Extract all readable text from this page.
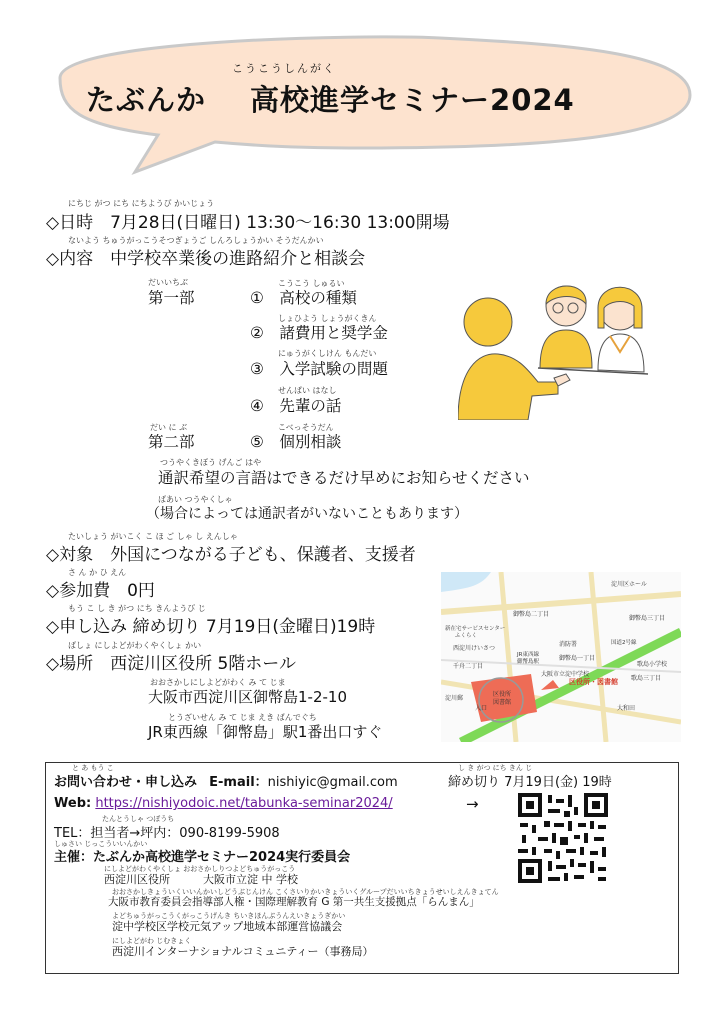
こうこうしんがく
たぶんか 高校進学セミナー2024
にちじ がつ にち にちようび かいじょう
◇日時　7月28日(日曜日) 13:30～16:30 13:00開場
ないよう ちゅうがっこうそつぎょうご しんろしょうかい そうだんかい
◇内容　中学校卒業後の進路紹介と相談会
だいいちぶ
第一部
こうこう しゅるい
①　 高校の種類
しょひよう しょうがくきん
②　 諸費用と奨学金
にゅうがくしけん もんだい
③　 入学試験の問題
せんぱい はなし
④　 先輩の話
だい に ぶ
第二部
こべっそうだん
⑤　 個別相談
つうやくきぼう げんご はや
通訳希望の言語はできるだけ早めにお知らせください
ばあい つうやくしゃ
（場合によっては通訳者がいないこともあります）
たいしょう がいこく こ ほ ご しゃ し えんしゃ
◇対象　外国につながる子ども、保護者、支援者
さ ん か ひ えん
◇参加費　0円
もう こ し き がつ にち きんようび じ
◇申し込み 締め切り 7月19日(金曜日)19時
ばしょ にしよどがわくやくしょ かい
◇場所　西淀川区役所 5階ホール
おおさかしにしよどがわく み て じま
大阪市西淀川区御幣島1-2-10
とうざいせん み て じま えき ばんでぐち
JR東西線「御幣島」駅1番出口すぐ
淀川区ホール
新在宅サービスセンター
ふくらく
御幣島二丁目
御幣島三丁目
消防署
JR東西線
御幣島駅	御幣島一丁目
西淀川けいさつ
千舟二丁目
大阪市立淀中学校
区役所・図書館
区役所
図書館
入口
淀川郵
歌島小学校
歌島三丁目
大和田
国道2号線
と あ もう こ
お問い合わせ・申し込み E-mail：nishiyic@gmail.com
し き がつ にち きん じ
締め切り 7月19日(金) 19時
Web: https://nishiyodoic.net/tabunka-seminar2024/	→
たんとうしゃ つぼうち
TEL：担当者→坪内：090-8199-5908
しゅさい じっこういいんかい
主催：たぶんか高校進学セミナー2024実行委員会
にしよどがわくやくしょ おおさかしりつよどちゅうがっこう
西淀川区役所　　　大阪市立淀 中 学校
おおさかしきょういくいいんかいしどうぶじんけん こくさいりかいきょういくグループだいいちきょうせいしえんきょてん
大阪市教育委員会指導部人権・国際理解教育 G 第一共生支援拠点「らんまん」
よどちゅうがっこうくがっこうげんき ちいきほんぶうんえいきょうぎかい
淀中学校区学校元気アップ地域本部運営協議会
にしよどがわ じむきょく
西淀川インターナショナルコミュニティー（事務局）
